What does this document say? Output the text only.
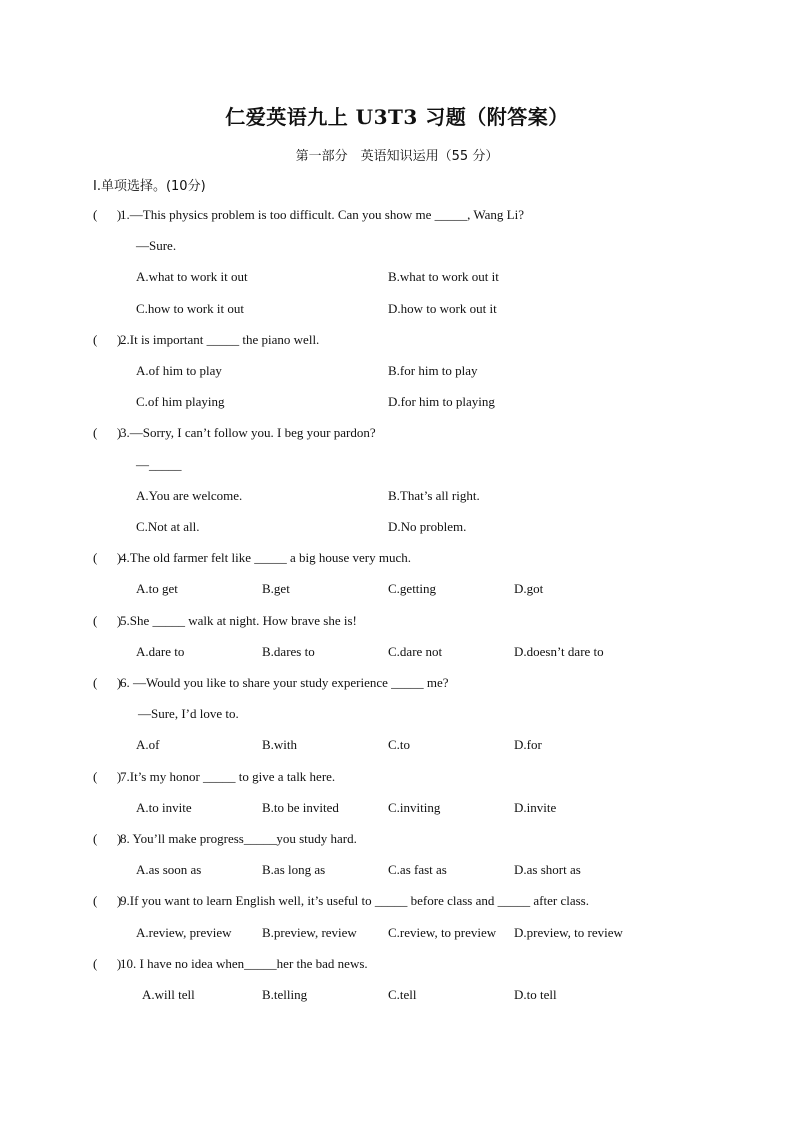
仁爱英语九上 U3T3 习题（附答案）
第一部分　英语知识运用（55 分）
Ⅰ.单项选择。(10分)
(      )
1.—This physics problem is too difficult. Can you show me _____, Wang Li?
—Sure.
A.what to work it out	B.what to work out it
C.how to work it out	D.how to work out it
(      )
2.It is important _____ the piano well.
A.of him to play	B.for him to play
C.of him playing	D.for him to playing
(      )
3.—Sorry, I can’t follow you. I beg your pardon?
—_____
A.You are welcome.	B.That’s all right.
C.Not at all.	D.No problem.
(      )
4.The old farmer felt like _____ a big house very much.
A.to get	B.get	C.getting	D.got
(      )
5.She _____ walk at night. How brave she is!
A.dare to	B.dares to	C.dare not	D.doesn’t dare to
(      )
6. —Would you like to share your study experience _____ me?
—Sure, I’d love to.
A.of	B.with	C.to	D.for
(      )
7.It’s my honor _____ to give a talk here.
A.to invite	B.to be invited	C.inviting	D.invite
(      )
8. You’ll make progress_____you study hard.
A.as soon as	B.as long as	C.as fast as	D.as short as
(      )
9.If you want to learn English well, it’s useful to _____ before class and _____ after class.
A.review, preview B.preview, review C.review, to preview D.preview, to review
(      )
10. I have no idea when_____her the bad news.
A.will tell	B.telling	C.tell	D.to tell
